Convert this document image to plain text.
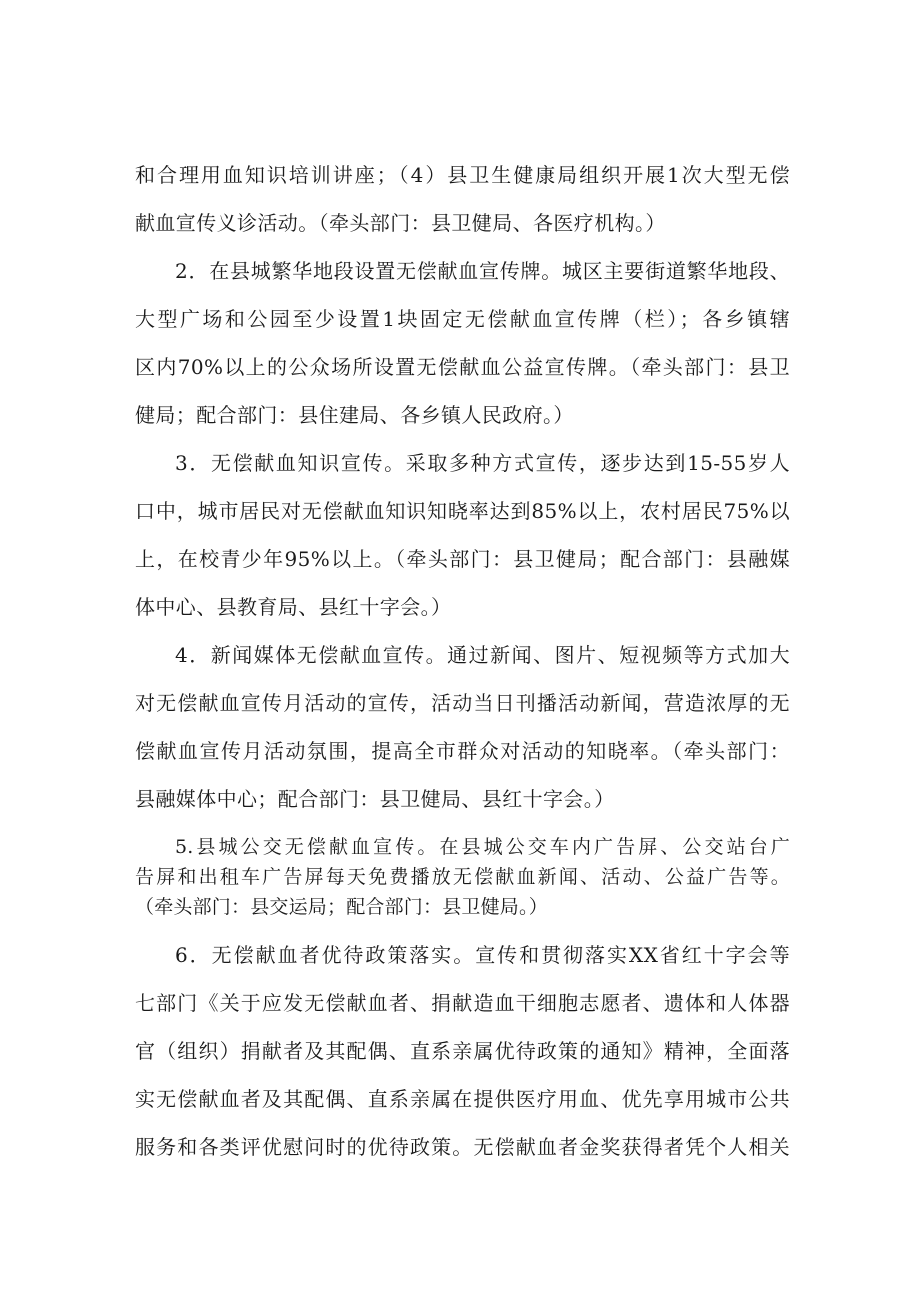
和合理用血知识培训讲座；（4）县卫生健康局组织开展1次大型无偿
献血宣传义诊活动。（牵头部门：县卫健局、各医疗机构。）
2．在县城繁华地段设置无偿献血宣传牌。城区主要街道繁华地段、
大型广场和公园至少设置1块固定无偿献血宣传牌（栏）；各乡镇辖
区内70%以上的公众场所设置无偿献血公益宣传牌。（牵头部门：县卫
健局；配合部门：县住建局、各乡镇人民政府。）
3．无偿献血知识宣传。采取多种方式宣传，逐步达到15-55岁人
口中，城市居民对无偿献血知识知晓率达到85%以上，农村居民75%以
上，在校青少年95%以上。（牵头部门：县卫健局；配合部门：县融媒
体中心、县教育局、县红十字会。）
4．新闻媒体无偿献血宣传。通过新闻、图片、短视频等方式加大
对无偿献血宣传月活动的宣传，活动当日刊播活动新闻，营造浓厚的无
偿献血宣传月活动氛围，提高全市群众对活动的知晓率。（牵头部门：
县融媒体中心；配合部门：县卫健局、县红十字会。）
5.县城公交无偿献血宣传。在县城公交车内广告屏、公交站台广
告屏和出租车广告屏每天免费播放无偿献血新闻、活动、公益广告等。
（牵头部门：县交运局；配合部门：县卫健局。）
6．无偿献血者优待政策落实。宣传和贯彻落实XX省红十字会等
七部门《关于应发无偿献血者、捐献造血干细胞志愿者、遗体和人体器
官（组织）捐献者及其配偶、直系亲属优待政策的通知》精神，全面落
实无偿献血者及其配偶、直系亲属在提供医疗用血、优先享用城市公共
服务和各类评优慰问时的优待政策。无偿献血者金奖获得者凭个人相关
